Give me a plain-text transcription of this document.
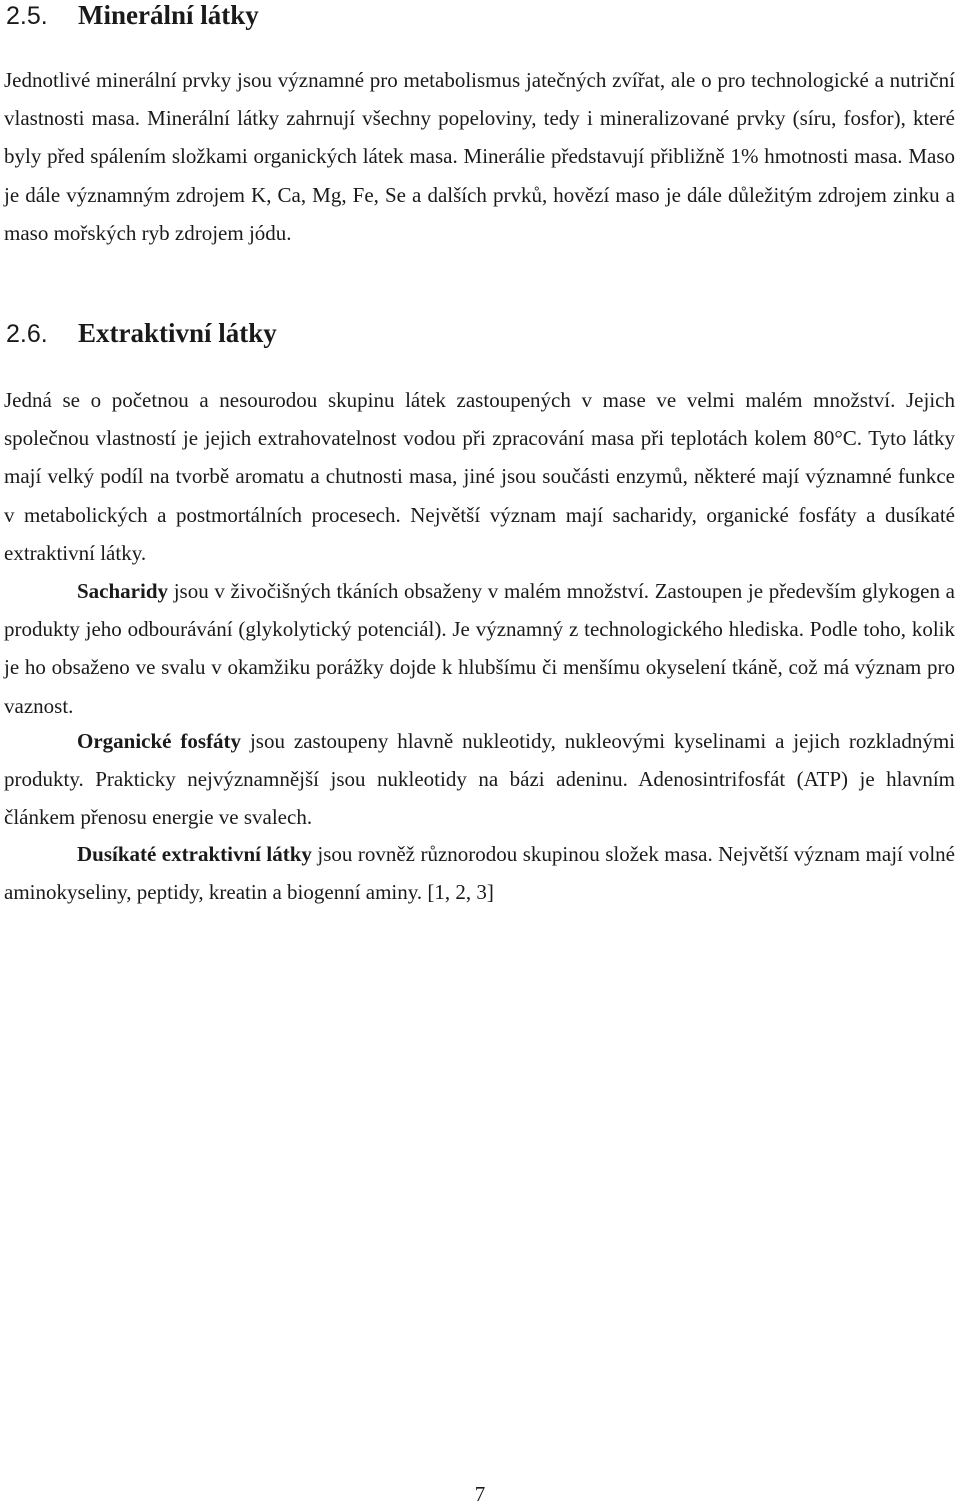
2.5. Minerální látky

Jednotlivé minerální prvky jsou významné pro metabolismus jatečných zvířat, ale o pro technologické a nutriční vlastnosti masa. Minerální látky zahrnují všechny popeloviny, tedy i mineralizované prvky (síru, fosfor), které byly před spálením složkami organických látek masa. Minerálie představují přibližně 1% hmotnosti masa. Maso je dále významným zdrojem K, Ca, Mg, Fe, Se a dalších prvků, hovězí maso je dále důležitým zdrojem zinku a maso mořských ryb zdrojem jódu.

2.6. Extraktivní látky

Jedná se o početnou a nesourodou skupinu látek zastoupených v mase ve velmi malém množství. Jejich společnou vlastností je jejich extrahovatelnost vodou při zpracování masa při teplotách kolem 80°C. Tyto látky mají velký podíl na tvorbě aromatu a chutnosti masa, jiné jsou součásti enzymů, některé mají významné funkce v metabolických a postmortálních procesech. Největší význam mají sacharidy, organické fosfáty a dusíkaté extraktivní látky.

Sacharidy jsou v živočišných tkáních obsaženy v malém množství. Zastoupen je především glykogen a produkty jeho odbourávání (glykolytický potenciál). Je významný z technologického hlediska. Podle toho, kolik je ho obsaženo ve svalu v okamžiku porážky dojde k hlubšímu či menšímu okyselení tkáně, což má význam pro vaznost.

Organické fosfáty jsou zastoupeny hlavně nukleotidy, nukleovými kyselinami a jejich rozkladnými produkty. Prakticky nejvýznamnější jsou nukleotidy na bázi adeninu. Adenosintrifosfát (ATP) je hlavním článkem přenosu energie ve svalech.

Dusíkaté extraktivní látky jsou rovněž různorodou skupinou složek masa. Největší význam mají volné aminokyseliny, peptidy, kreatin a biogenní aminy. [1, 2, 3]

7
